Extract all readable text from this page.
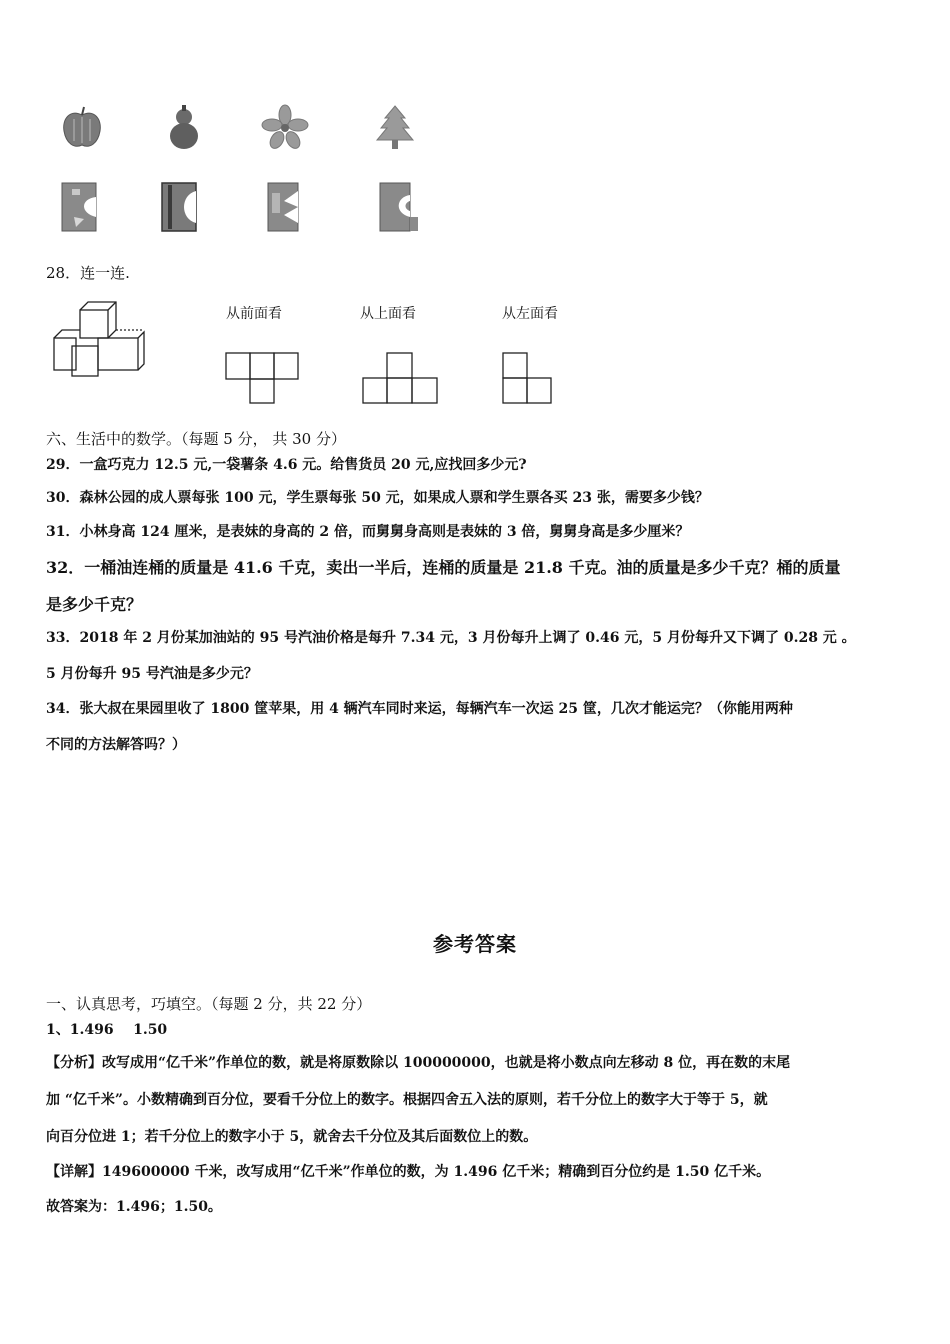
28．连一连.
从前面看	从上面看	从左面看
六、生活中的数学。（每题 5 分， 共 30 分）
29．一盒巧克力 12.5 元,一袋薯条 4.6 元。给售货员 20 元,应找回多少元?
30．森林公园的成人票每张 100 元，学生票每张 50 元，如果成人票和学生票各买 23 张，需要多少钱？
31．小林身高 124 厘米，是表妹的身高的 2 倍，而舅舅身高则是表妹的 3 倍，舅舅身高是多少厘米？
32．一桶油连桶的质量是 41.6 千克，卖出一半后，连桶的质量是 21.8 千克。油的质量是多少千克？桶的质量
是多少千克？
33．2018 年 2 月份某加油站的 95 号汽油价格是每升 7.34 元，3 月份每升上调了 0.46 元，5 月份每升又下调了 0.28 元 。
5 月份每升 95 号汽油是多少元？
34．张大叔在果园里收了 1800 筐苹果，用 4 辆汽车同时来运，每辆汽车一次运 25 筐，几次才能运完？（你能用两种
不同的方法解答吗？）
参考答案
一、认真思考，巧填空。（每题 2 分，共 22 分）
1、1.496    1.50
【分析】改写成用“亿千米”作单位的数，就是将原数除以 100000000，也就是将小数点向左移动 8 位，再在数的末尾
加 “亿千米”。小数精确到百分位，要看千分位上的数字。根据四舍五入法的原则，若千分位上的数字大于等于 5，就
向百分位进 1；若千分位上的数字小于 5，就舍去千分位及其后面数位上的数。
【详解】149600000 千米，改写成用“亿千米”作单位的数，为 1.496 亿千米；精确到百分位约是 1.50 亿千米。
故答案为：1.496；1.50。
